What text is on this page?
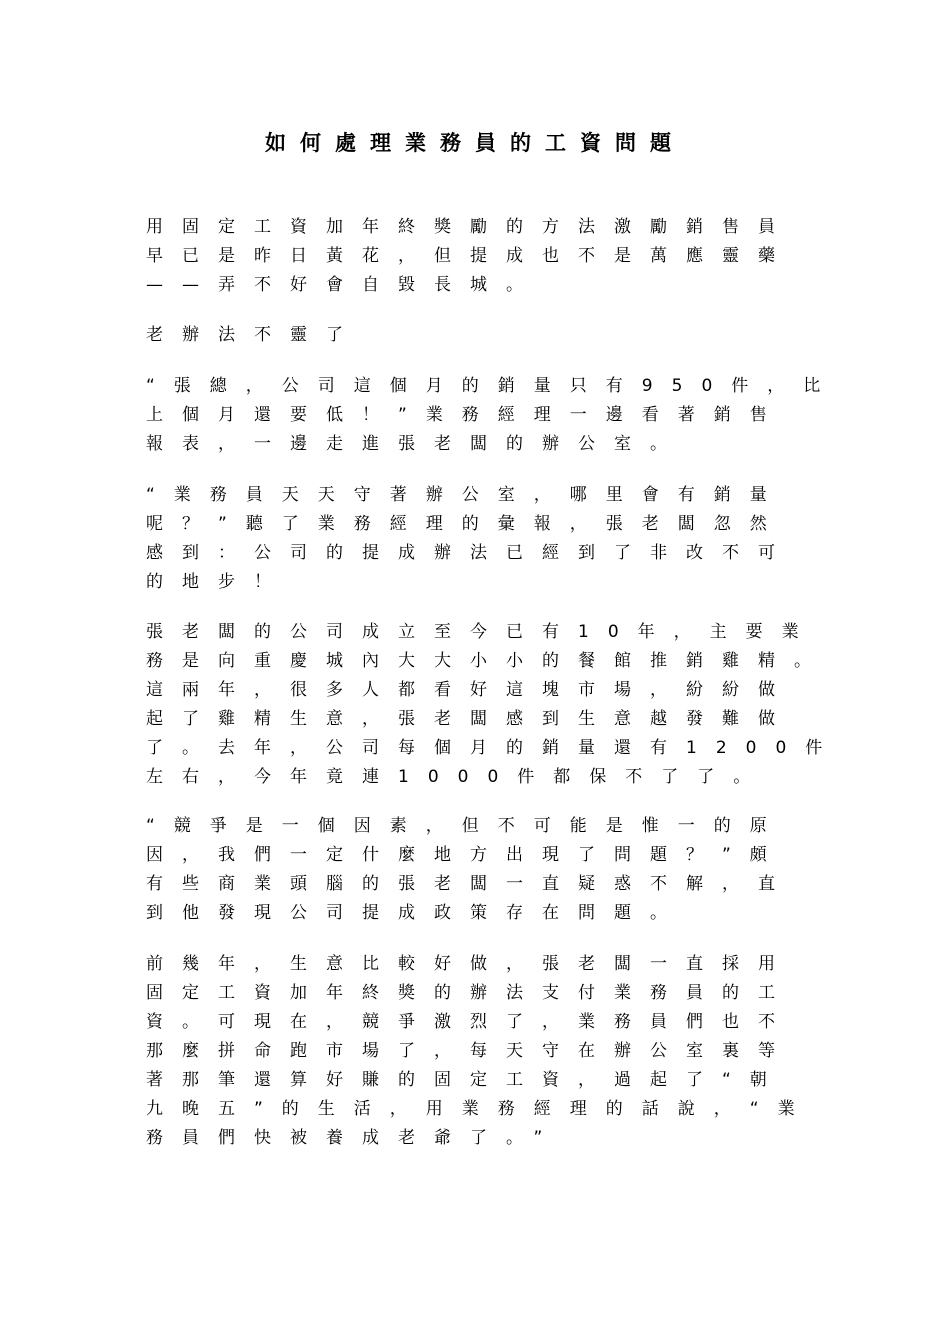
如何處理業務員的工資問題
用固定工資加年終獎勵的方法激勵銷售員
早已是昨日黃花，但提成也不是萬應靈藥
——弄不好會自毀長城。
老辦法不靈了
“張總，公司這個月的銷量只有950件，比
上個月還要低！”業務經理一邊看著銷售
報表，一邊走進張老闆的辦公室。
“業務員天天守著辦公室，哪里會有銷量
呢？”聽了業務經理的彙報，張老闆忽然
感到：公司的提成辦法已經到了非改不可
的地步！
張老闆的公司成立至今已有10年，主要業
務是向重慶城內大大小小的餐館推銷雞精。
這兩年，很多人都看好這塊市場，紛紛做
起了雞精生意，張老闆感到生意越發難做
了。去年，公司每個月的銷量還有1200件
左右，今年竟連1000件都保不了了。
“競爭是一個因素，但不可能是惟一的原
因，我們一定什麼地方出現了問題？”頗
有些商業頭腦的張老闆一直疑惑不解，直
到他發現公司提成政策存在問題。
前幾年，生意比較好做，張老闆一直採用
固定工資加年終獎的辦法支付業務員的工
資。可現在，競爭激烈了，業務員們也不
那麼拼命跑市場了，每天守在辦公室裏等
著那筆還算好賺的固定工資，過起了“朝
九晚五”的生活，用業務經理的話說，“業
務員們快被養成老爺了。”
